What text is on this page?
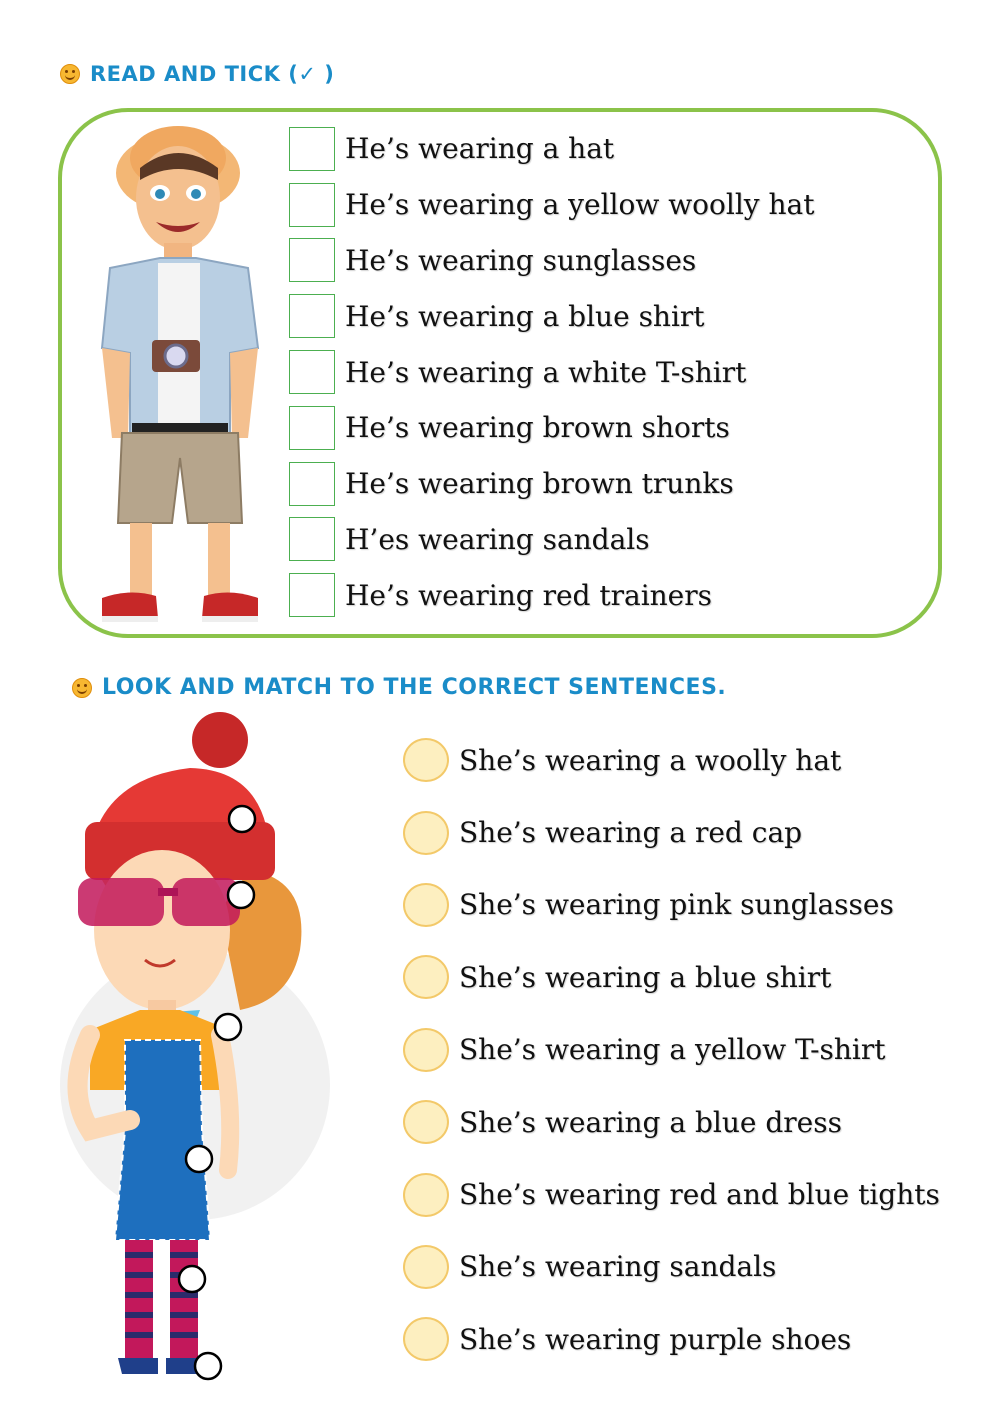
READ AND TICK (✓ )
He’s wearing a hat
He’s wearing a yellow woolly hat
He’s wearing sunglasses
He’s wearing a blue shirt
He’s wearing a white T-shirt
He’s wearing brown shorts
He’s wearing brown trunks
H’es wearing sandals
He’s wearing red trainers
LOOK AND MATCH TO THE CORRECT SENTENCES.
She’s wearing a woolly hat
She’s wearing a red cap
She’s wearing pink sunglasses
She’s wearing a blue shirt
She’s wearing a yellow T-shirt
She’s wearing a blue dress
She’s wearing red and blue tights
She’s wearing sandals
She’s wearing purple shoes
